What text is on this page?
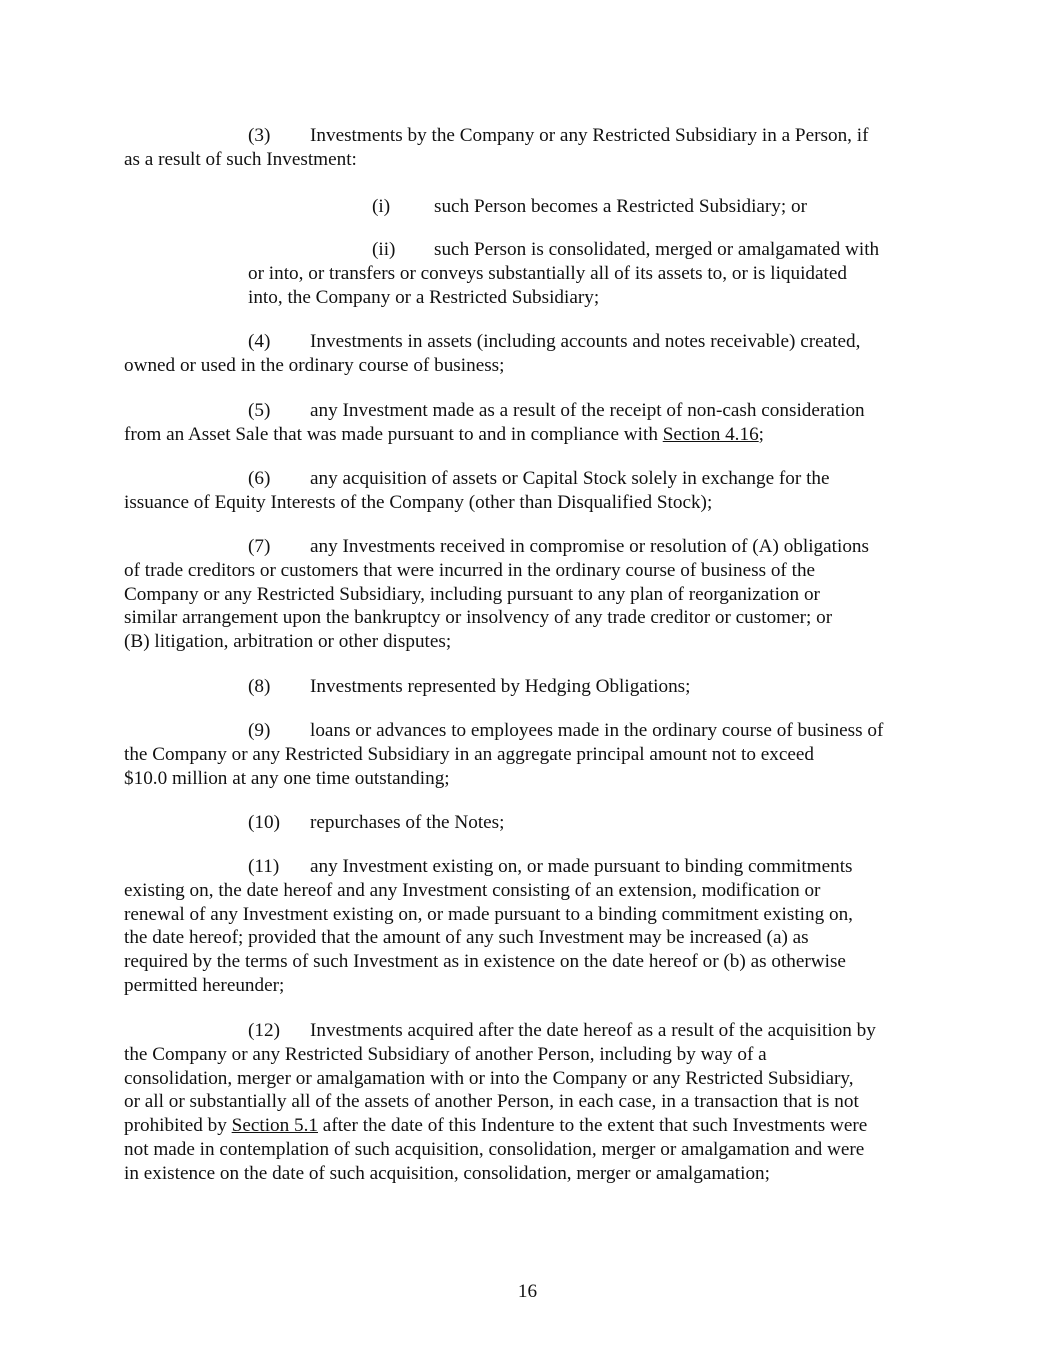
(3) Investments by the Company or any Restricted Subsidiary in a Person, if

as a result of such Investment:

(i) such Person becomes a Restricted Subsidiary; or

(ii) such Person is consolidated, merged or amalgamated with

or into, or transfers or conveys substantially all of its assets to, or is liquidated

into, the Company or a Restricted Subsidiary;

(4) Investments in assets (including accounts and notes receivable) created,

owned or used in the ordinary course of business;

(5) any Investment made as a result of the receipt of non-cash consideration

from an Asset Sale that was made pursuant to and in compliance with Section 4.16;

(6) any acquisition of assets or Capital Stock solely in exchange for the

issuance of Equity Interests of the Company (other than Disqualified Stock);

(7) any Investments received in compromise or resolution of (A) obligations

of trade creditors or customers that were incurred in the ordinary course of business of the

Company or any Restricted Subsidiary, including pursuant to any plan of reorganization or

similar arrangement upon the bankruptcy or insolvency of any trade creditor or customer; or

(B) litigation, arbitration or other disputes;

(8) Investments represented by Hedging Obligations;

(9) loans or advances to employees made in the ordinary course of business of

the Company or any Restricted Subsidiary in an aggregate principal amount not to exceed

$10.0 million at any one time outstanding;

(10) repurchases of the Notes;

(11) any Investment existing on, or made pursuant to binding commitments

existing on, the date hereof and any Investment consisting of an extension, modification or

renewal of any Investment existing on, or made pursuant to a binding commitment existing on,

the date hereof; provided that the amount of any such Investment may be increased (a) as

required by the terms of such Investment as in existence on the date hereof or (b) as otherwise

permitted hereunder;

(12) Investments acquired after the date hereof as a result of the acquisition by

the Company or any Restricted Subsidiary of another Person, including by way of a

consolidation, merger or amalgamation with or into the Company or any Restricted Subsidiary,

or all or substantially all of the assets of another Person, in each case, in a transaction that is not

prohibited by Section 5.1 after the date of this Indenture to the extent that such Investments were

not made in contemplation of such acquisition, consolidation, merger or amalgamation and were

in existence on the date of such acquisition, consolidation, merger or amalgamation;

16
